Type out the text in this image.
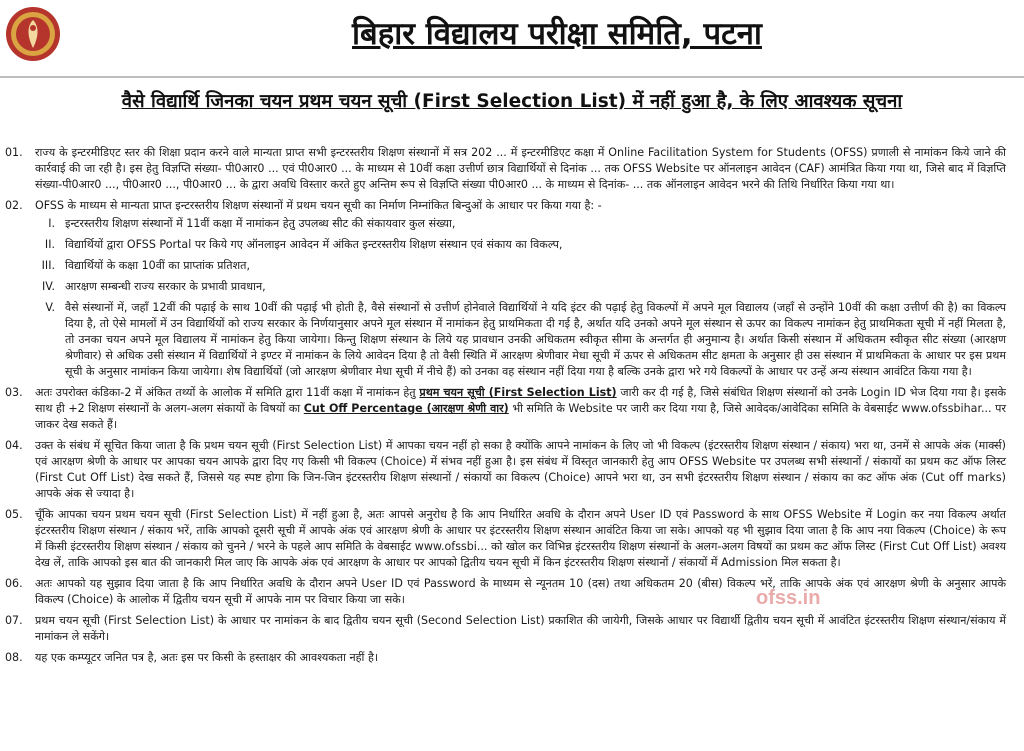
बिहार विद्यालय परीक्षा समिति, पटना
वैसे विद्यार्थि जिनका चयन प्रथम चयन सूची (First Selection List) में नहीं हुआ है, के लिए आवश्यक सूचना
01. राज्य के इन्टरमीडिएट स्तर की शिक्षा प्रदान करने वाले मान्यता प्राप्त सभी इन्टरस्तरीय शिक्षण संस्थानों में सत्र 202 ... में इन्टरमीडिएट कक्षा में Online Facilitation System for Students (OFSS) प्रणाली से नामांकन किये जाने की कार्रवाई की जा रही है। इस हेतु विज्ञप्ति संख्या- पी0आर0 ... एवं पी0आर0 ... के माध्यम से 10वीं कक्षा उत्तीर्ण छात्र विद्यार्थियों से दिनांक ... तक OFSS Website पर ऑनलाइन आवेदन (CAF) आमंत्रित किया गया था, जिसे बाद में विज्ञप्ति संख्या-पी0आर0 ..., पी0आर0 ..., पी0आर0 ... के द्वारा अवधि विस्तार करते हुए अन्तिम रूप से विज्ञप्ति संख्या पी0आर0 ... के माध्यम से दिनांक- ... तक ऑनलाइन आवेदन भरने की तिथि निर्धारित किया गया था।
02. OFSS के माध्यम से मान्यता प्राप्त इन्टरस्तरीय शिक्षण संस्थानों में प्रथम चयन सूची का निर्माण निम्नांकित बिन्दुओं के आधार पर किया गया है: -
I. इन्टरस्तरीय शिक्षण संस्थानों में 11वीं कक्षा में नामांकन हेतु उपलब्ध सीट की संकायवार कुल संख्या,
II. विद्यार्थियों द्वारा OFSS Portal पर किये गए ऑनलाइन आवेदन में अंकित इन्टरस्तरीय शिक्षण संस्थान एवं संकाय का विकल्प,
III. विद्यार्थियों के कक्षा 10वीं का प्राप्तांक प्रतिशत,
IV. आरक्षण सम्बन्धी राज्य सरकार के प्रभावी प्रावधान,
V. वैसे संस्थानों में, जहाँ 12वीं की पढ़ाई के साथ 10वीं की पढ़ाई भी होती है, वैसे संस्थानों से उत्तीर्ण होनेवाले विद्यार्थियों ने यदि इंटर की पढ़ाई हेतु विकल्पों में अपने मूल विद्यालय (जहाँ से उन्होंने 10वीं की कक्षा उत्तीर्ण की है) का विकल्प दिया है, तो ऐसे मामलों में उन विद्यार्थियों को राज्य सरकार के निर्णयानुसार अपने मूल संस्थान में नामांकन हेतु प्राथमिकता दी गई है, अर्थात यदि उनको अपने मूल संस्थान से ऊपर का विकल्प नामांकन हेतु प्राथमिकता सूची में नहीं मिलता है, तो उनका चयन अपने मूल विद्यालय में नामांकन हेतु किया जायेगा। किन्तु शिक्षण संस्थान के लिये यह प्रावधान उनकी अधिकतम स्वीकृत सीमा के अन्तर्गत ही अनुमान्य है। अर्थात किसी संस्थान में अधिकतम स्वीकृत सीट संख्या (आरक्षण श्रेणीवार) से अधिक उसी संस्थान में विद्यार्थियों ने इण्टर में नामांकन के लिये आवेदन दिया है तो वैसी स्थिति में आरक्षण श्रेणीवार मेधा सूची में ऊपर से अधिकतम सीट क्षमता के अनुसार ही उस संस्थान में प्राथमिकता के आधार पर इस प्रथम सूची के अनुसार नामांकन किया जायेगा। शेष विद्यार्थियों (जो आरक्षण श्रेणीवार मेधा सूची में नीचे हैं) को उनका वह संस्थान नहीं दिया गया है बल्कि उनके द्वारा भरे गये विकल्पों के आधार पर उन्हें अन्य संस्थान आवंटित किया गया है।
03. अतः उपरोक्त कंडिका-2 में अंकित तथ्यों के आलोक में समिति द्वारा 11वीं कक्षा में नामांकन हेतु प्रथम चयन सूची (First Selection List) जारी कर दी गई है, जिसे संबंधित शिक्षण संस्थानों को उनके Login ID भेज दिया गया है। इसके साथ ही +2 शिक्षण संस्थानों के अलग-अलग संकायों के विषयों का Cut Off Percentage (आरक्षण श्रेणी वार) भी समिति के Website पर जारी कर दिया गया है, जिसे आवेदक/आवेदिका समिति के वेबसाईट www.ofssbihar... पर जाकर देख सकते हैं।
04. उक्त के संबंध में सूचित किया जाता है कि प्रथम चयन सूची (First Selection List) में आपका चयन नहीं हो सका है क्योंकि आपने नामांकन के लिए जो भी विकल्प (इंटरस्तरीय शिक्षण संस्थान / संकाय) भरा था, उनमें से आपके अंक (मार्क्स) एवं आरक्षण श्रेणी के आधार पर आपका चयन आपके द्वारा दिए गए किसी भी विकल्प (Choice) में संभव नहीं हुआ है। इस संबंध में विस्तृत जानकारी हेतु आप OFSS Website पर उपलब्ध सभी संस्थानों / संकायों का प्रथम कट ऑफ लिस्ट (First Cut Off List) देख सकते हैं, जिससे यह स्पष्ट होगा कि जिन-जिन इंटरस्तरीय शिक्षण संस्थानों / संकायों का विकल्प (Choice) आपने भरा था, उन सभी इंटरस्तरीय शिक्षण संस्थान / संकाय का कट ऑफ अंक (Cut off marks) आपके अंक से ज्यादा है।
05. चूँकि आपका चयन प्रथम चयन सूची (First Selection List) में नहीं हुआ है, अतः आपसे अनुरोध है कि आप निर्धारित अवधि के दौरान अपने User ID एवं Password के साथ OFSS Website में Login कर नया विकल्प अर्थात इंटरस्तरीय शिक्षण संस्थान / संकाय भरें, ताकि आपको दूसरी सूची में आपके अंक एवं आरक्षण श्रेणी के आधार पर इंटरस्तरीय शिक्षण संस्थान आवंटित किया जा सके। आपको यह भी सुझाव दिया जाता है कि आप नया विकल्प (Choice) के रूप में किसी इंटरस्तरीय शिक्षण संस्थान / संकाय को चुनने / भरने के पहले आप समिति के वेबसाईट www.ofssbi... को खोल कर विभिन्न इंटरस्तरीय शिक्षण संस्थानों के अलग-अलग विषयों का प्रथम कट ऑफ लिस्ट (First Cut Off List) अवश्य देख लें, ताकि आपको इस बात की जानकारी मिल जाए कि आपके अंक एवं आरक्षण के आधार पर आपको द्वितीय चयन सूची में किन इंटरस्तरीय शिक्षण संस्थानों / संकायों में Admission मिल सकता है।
06. अतः आपको यह सुझाव दिया जाता है कि आप निर्धारित अवधि के दौरान अपने User ID एवं Password के माध्यम से न्यूनतम 10 (दस) तथा अधिकतम 20 (बीस) विकल्प भरें, ताकि आपके अंक एवं आरक्षण श्रेणी के अनुसार आपके विकल्प (Choice) के आलोक में द्वितीय चयन सूची में आपके नाम पर विचार किया जा सके।
07. प्रथम चयन सूची (First Selection List) के आधार पर नामांकन के बाद द्वितीय चयन सूची (Second Selection List) प्रकाशित की जायेगी, जिसके आधार पर विद्यार्थी द्वितीय चयन सूची में आवंटित इंटरस्तरीय शिक्षण संस्थान/संकाय में नामांकन ले सकेंगे।
08. यह एक कम्प्यूटर जनित पत्र है, अतः इस पर किसी के हस्ताक्षर की आवश्यकता नहीं है।
ofss.in
